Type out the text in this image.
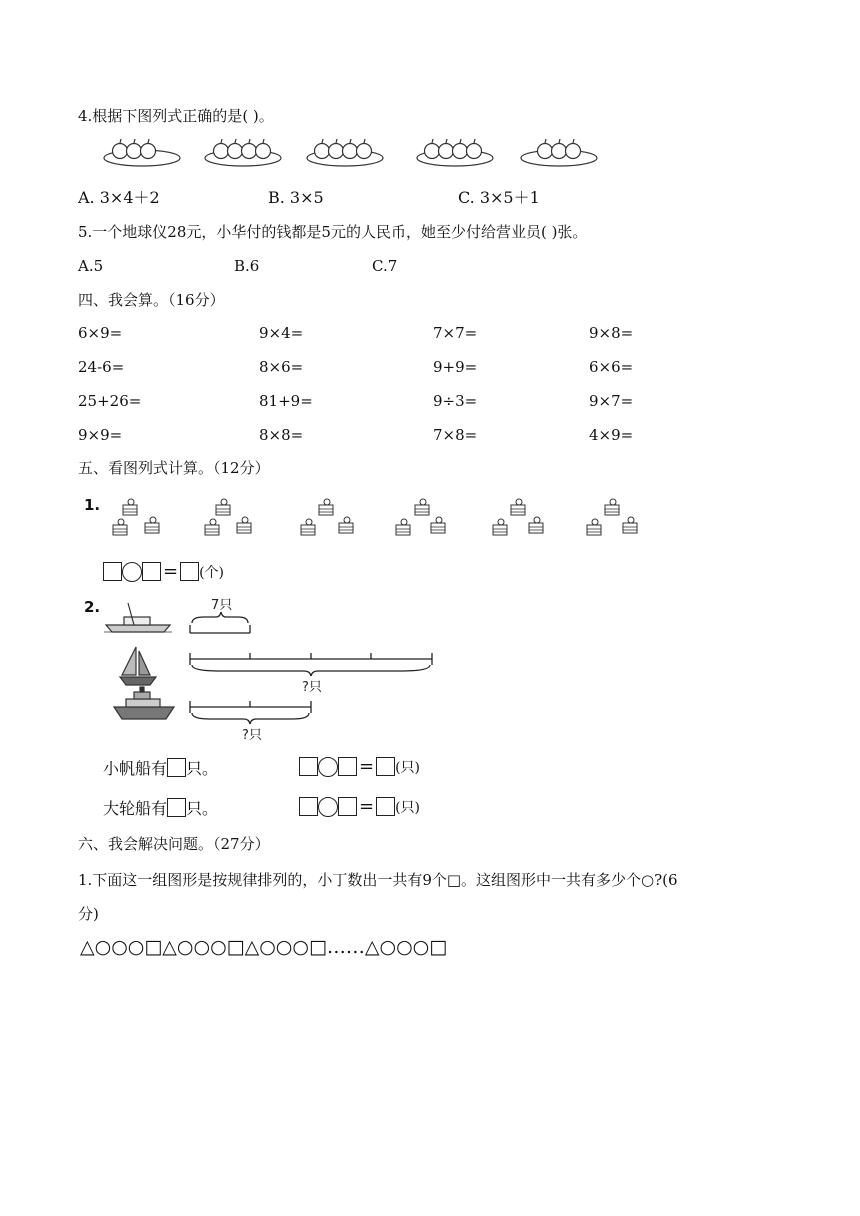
4.根据下图列式正确的是( )。
A. 3×4＋2	B. 3×5	C. 3×5＋1
5.一个地球仪28元，小华付的钱都是5元的人民币，她至少付给营业员( )张。
A.5	B.6	C.7
四、我会算。（16分）
6×9=	9×4=	7×7=	9×8=
24-6=	8×6=	9+9=	6×6=
25+26=	81+9=	9÷3=	9×7=
9×9=	8×8=	7×8=	4×9=
五、看图列式计算。（12分）
1.
= (个)
2.	7只
?只
?只
小帆船有 只。	= (只)
大轮船有 只。	= (只)
六、我会解决问题。（27分）
1.下面这一组图形是按规律排列的，小丁数出一共有9个□。这组图形中一共有多少个○?(6
分)
△○○○□△○○○□△○○○□……△○○○□
